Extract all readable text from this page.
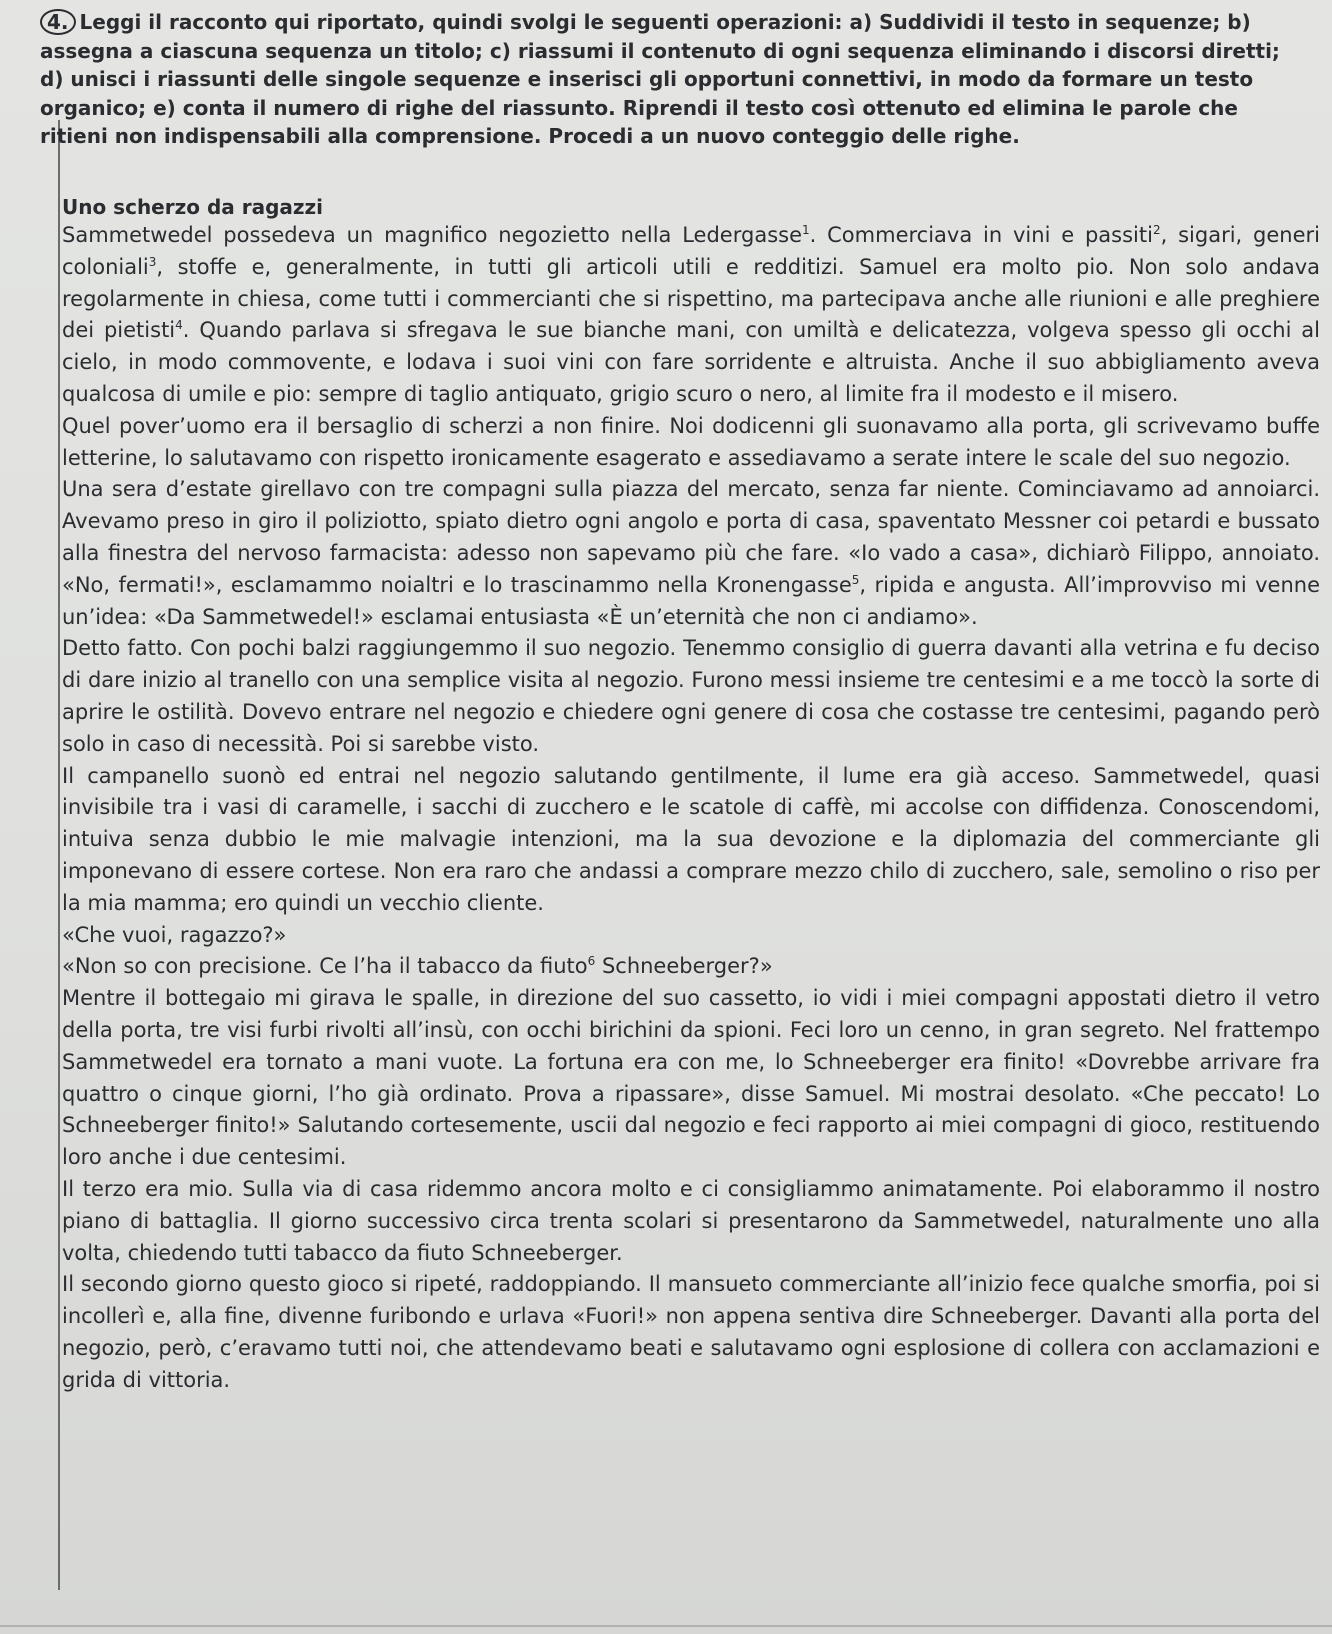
4. Leggi il racconto qui riportato, quindi svolgi le seguenti operazioni: a) Suddividi il testo in sequenze; b) assegna a ciascuna sequenza un titolo; c) riassumi il contenuto di ogni sequenza eliminando i discorsi diretti; d) unisci i riassunti delle singole sequenze e inserisci gli opportuni connettivi, in modo da formare un testo organico; e) conta il numero di righe del riassunto. Riprendi il testo così ottenuto ed elimina le parole che ritieni non indispensabili alla comprensione. Procedi a un nuovo conteggio delle righe.
Uno scherzo da ragazzi

Sammetwedel possedeva un magnifico negozietto nella Ledergasse$^1$. Commerciava in vini e passiti$^2$, sigari, generi coloniali$^3$, stoffe e, generalmente, in tutti gli articoli utili e redditizi. Samuel era molto pio. Non solo andava regolarmente in chiesa, come tutti i commercianti che si rispettino, ma partecipava anche alle riunioni e alle preghiere dei pietisti$^4$. Quando parlava si sfregava le sue bianche mani, con umiltà e delicatezza, volgeva spesso gli occhi al cielo, in modo commovente, e lodava i suoi vini con fare sorridente e altruista. Anche il suo abbigliamento aveva qualcosa di umile e pio: sempre di taglio antiquato, grigio scuro o nero, al limite fra il modesto e il misero.

Quel pover’uomo era il bersaglio di scherzi a non finire. Noi dodicenni gli suonavamo alla porta, gli scrivevamo buffe letterine, lo salutavamo con rispetto ironicamente esagerato e assediavamo a serate intere le scale del suo negozio.

Una sera d’estate girellavo con tre compagni sulla piazza del mercato, senza far niente. Cominciavamo ad annoiarci. Avevamo preso in giro il poliziotto, spiato dietro ogni angolo e porta di casa, spaventato Messner coi petardi e bussato alla finestra del nervoso farmacista: adesso non sapevamo più che fare. «Io vado a casa», dichiarò Filippo, annoiato. «No, fermati!», esclamammo noialtri e lo trascinammo nella Kronengasse$^5$, ripida e angusta. All’improvviso mi venne un’idea: «Da Sammetwedel!» esclamai entusiasta «È un’eternità che non ci andiamo».

Detto fatto. Con pochi balzi raggiungemmo il suo negozio. Tenemmo consiglio di guerra davanti alla vetrina e fu deciso di dare inizio al tranello con una semplice visita al negozio. Furono messi insieme tre centesimi e a me toccò la sorte di aprire le ostilità. Dovevo entrare nel negozio e chiedere ogni genere di cosa che costasse tre centesimi, pagando però solo in caso di necessità. Poi si sarebbe visto.

Il campanello suonò ed entrai nel negozio salutando gentilmente, il lume era già acceso. Sammetwedel, quasi invisibile tra i vasi di caramelle, i sacchi di zucchero e le scatole di caffè, mi accolse con diffidenza. Conoscendomi, intuiva senza dubbio le mie malvagie intenzioni, ma la sua devozione e la diplomazia del commerciante gli imponevano di essere cortese. Non era raro che andassi a comprare mezzo chilo di zucchero, sale, semolino o riso per la mia mamma; ero quindi un vecchio cliente.

«Che vuoi, ragazzo?»

«Non so con precisione. Ce l’ha il tabacco da fiuto$^6$ Schneeberger?»

Mentre il bottegaio mi girava le spalle, in direzione del suo cassetto, io vidi i miei compagni appostati dietro il vetro della porta, tre visi furbi rivolti all’insù, con occhi birichini da spioni. Feci loro un cenno, in gran segreto. Nel frattempo Sammetwedel era tornato a mani vuote. La fortuna era con me, lo Schneeberger era finito! «Dovrebbe arrivare fra quattro o cinque giorni, l’ho già ordinato. Prova a ripassare», disse Samuel. Mi mostrai desolato. «Che peccato! Lo Schneeberger finito!» Salutando cortesemente, uscii dal negozio e feci rapporto ai miei compagni di gioco, restituendo loro anche i due centesimi.

Il terzo era mio. Sulla via di casa ridemmo ancora molto e ci consigliammo animatamente. Poi elaborammo il nostro piano di battaglia. Il giorno successivo circa trenta scolari si presentarono da Sammetwedel, naturalmente uno alla volta, chiedendo tutti tabacco da fiuto Schneeberger.

Il secondo giorno questo gioco si ripeté, raddoppiando. Il mansueto commerciante all’inizio fece qualche smorfia, poi si incollerì e, alla fine, divenne furibondo e urlava «Fuori!» non appena sentiva dire Schneeberger. Davanti alla porta del negozio, però, c’eravamo tutti noi, che attendevamo beati e salutavamo ogni esplosione di collera con acclamazioni e grida di vittoria.
